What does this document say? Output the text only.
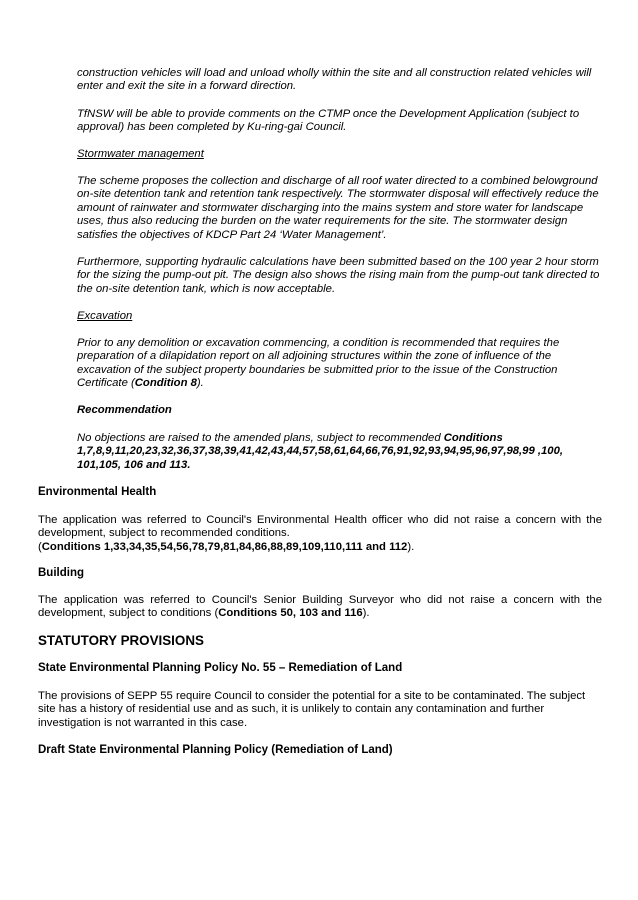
construction vehicles will load and unload wholly within the site and all construction related vehicles will enter and exit the site in a forward direction.

TfNSW will be able to provide comments on the CTMP once the Development Application (subject to approval) has been completed by Ku-ring-gai Council.

Stormwater management

The scheme proposes the collection and discharge of all roof water directed to a combined belowground on-site detention tank and retention tank respectively. The stormwater disposal will effectively reduce the amount of rainwater and stormwater discharging into the mains system and store water for landscape uses, thus also reducing the burden on the water requirements for the site. The stormwater design satisfies the objectives of KDCP Part 24 ‘Water Management’.

Furthermore, supporting hydraulic calculations have been submitted based on the 100 year 2 hour storm for the sizing the pump-out pit. The design also shows the rising main from the pump-out tank directed to the on-site detention tank, which is now acceptable.

Excavation

Prior to any demolition or excavation commencing, a condition is recommended that requires the preparation of a dilapidation report on all adjoining structures within the zone of influence of the excavation of the subject property boundaries be submitted prior to the issue of the Construction Certificate (Condition 8).

Recommendation

No objections are raised to the amended plans, subject to recommended Conditions 1,7,8,9,11,20,23,32,36,37,38,39,41,42,43,44,57,58,61,64,66,76,91,92,93,94,95,96,97,98,99 ,100, 101,105, 106 and 113.

Environmental Health

The application was referred to Council's Environmental Health officer who did not raise a concern with the development, subject to recommended conditions.

(Conditions 1,33,34,35,54,56,78,79,81,84,86,88,89,109,110,111 and 112).

Building

The application was referred to Council's Senior Building Surveyor who did not raise a concern with the development, subject to conditions (Conditions 50, 103 and 116).

STATUTORY PROVISIONS

State Environmental Planning Policy No. 55 – Remediation of Land

The provisions of SEPP 55 require Council to consider the potential for a site to be contaminated. The subject site has a history of residential use and as such, it is unlikely to contain any contamination and further investigation is not warranted in this case.

Draft State Environmental Planning Policy (Remediation of Land)
